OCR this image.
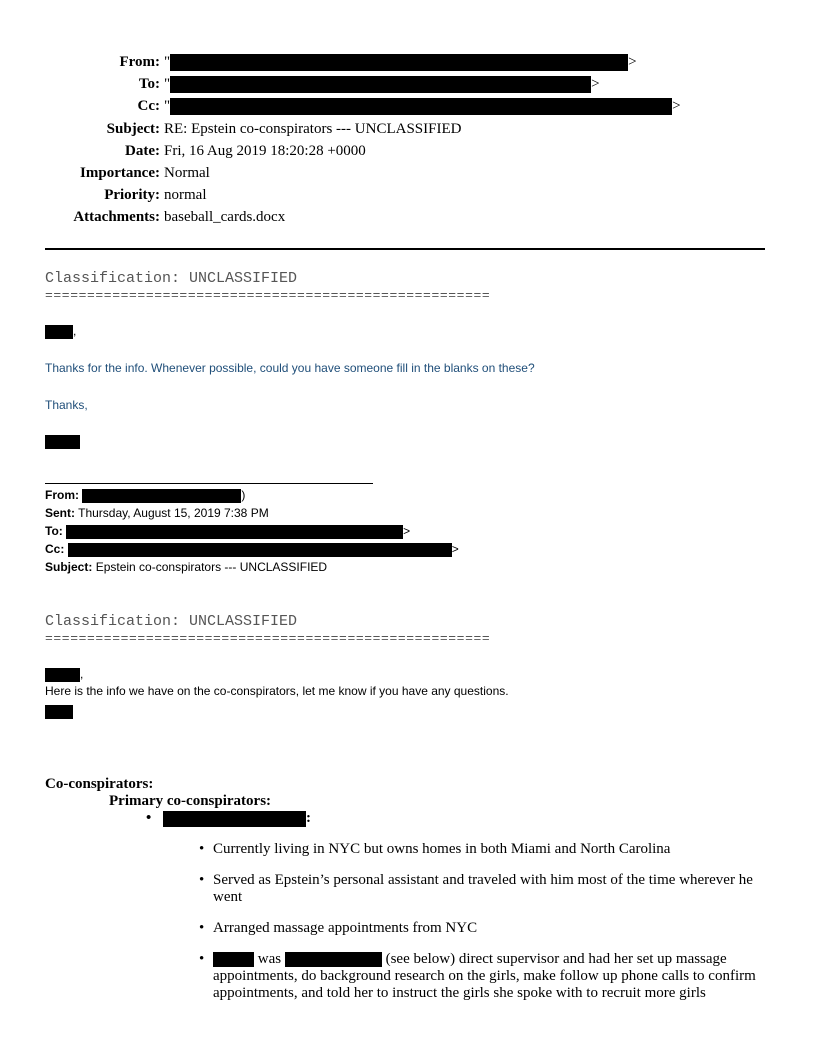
From: "	>
To: "	>
Cc: "	>
Subject: RE: Epstein co-conspirators --- UNCLASSIFIED
Date: Fri, 16 Aug 2019 18:20:28 +0000
Importance: Normal
Priority: normal
Attachments: baseball_cards.docx
Classification: UNCLASSIFIED
=====================================================
,
Thanks for the info. Whenever possible, could you have someone fill in the blanks on these?
Thanks,
From:	)
Sent: Thursday, August 15, 2019 7:38 PM
To:	>
Cc:	>
Subject: Epstein co-conspirators --- UNCLASSIFIED
Classification: UNCLASSIFIED
=====================================================
,
Here is the info we have on the co-conspirators, let me know if you have any questions.
Co-conspirators:
Primary co-conspirators:
•	:
• Currently living in NYC but owns homes in both Miami and North Carolina
• Served as Epstein’s personal assistant and traveled with him most of the time wherever he went
• Arranged massage appointments from NYC
•	was	(see below) direct supervisor and had her set up massage appointments, do background research on the girls, make follow up phone calls to confirm appointments, and told her to instruct the girls she spoke with to recruit more girls
